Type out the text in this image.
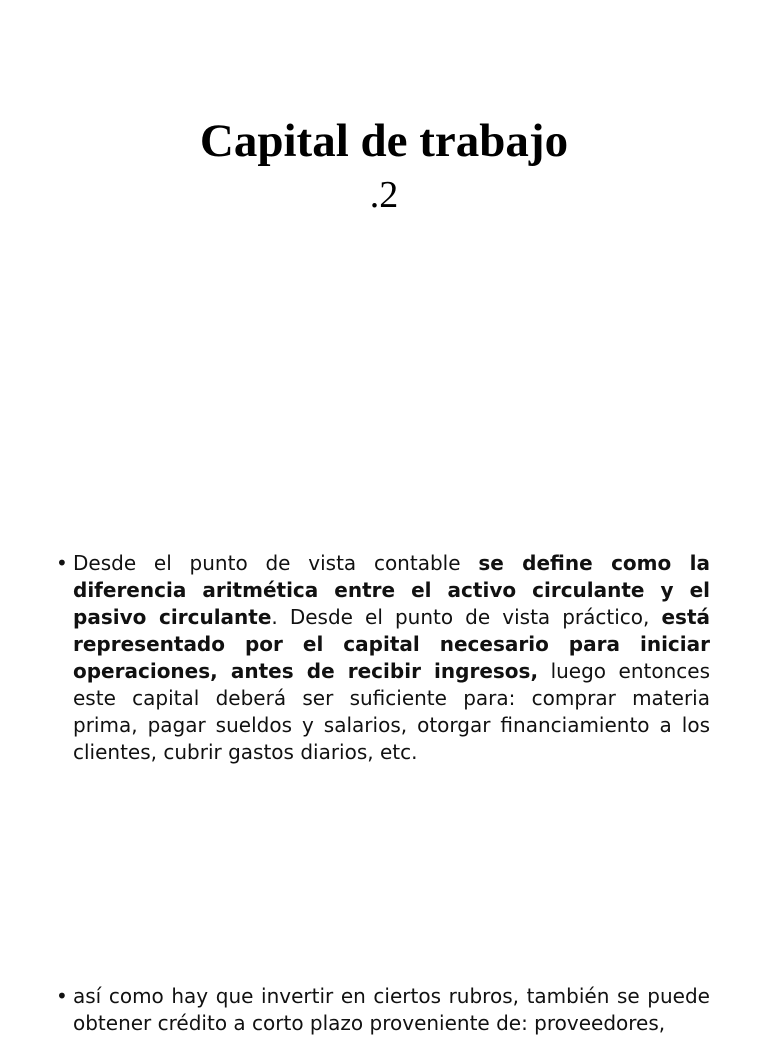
Capital de trabajo
.2
• Desde el punto de vista contable se define como la diferencia aritmética entre el activo circulante y el pasivo circulante. Desde el punto de vista práctico, está representado por el capital necesario para iniciar operaciones, antes de recibir ingresos, luego entonces este capital deberá ser suficiente para: comprar materia prima, pagar sueldos y salarios, otorgar financiamiento a los clientes, cubrir gastos diarios, etc.
• así como hay que invertir en ciertos rubros, también se puede obtener crédito a corto plazo proveniente de: proveedores,
